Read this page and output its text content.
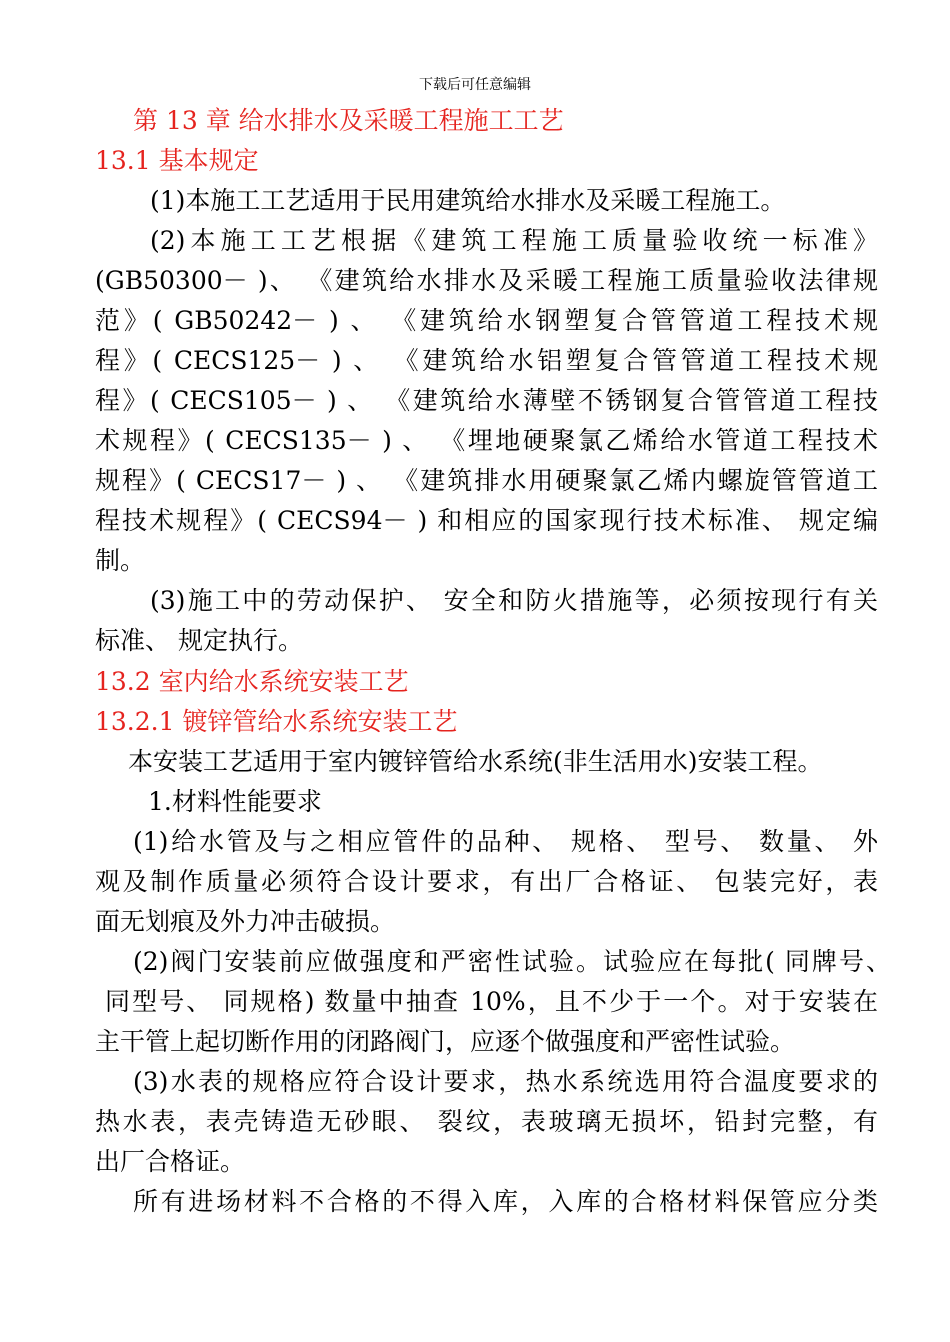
下载后可任意编辑
第 13 章 给水排水及采暖工程施工工艺
13.1 基本规定
(1)本施工工艺适用于民用建筑给水排水及采暖工程施工。
(2)本施工工艺根据《建筑工程施工质量验收统一标准》
(GB50300－ )、 《建筑给水排水及采暖工程施工质量验收法律规
范》( GB50242－ ) 、 《建筑给水钢塑复合管管道工程技术规
程》( CECS125－ ) 、 《建筑给水铝塑复合管管道工程技术规
程》( CECS105－ ) 、 《建筑给水薄壁不锈钢复合管管道工程技
术规程》( CECS135－ ) 、 《埋地硬聚氯乙烯给水管道工程技术
规程》( CECS17－ ) 、 《建筑排水用硬聚氯乙烯内螺旋管管道工
程技术规程》( CECS94－ ) 和相应的国家现行技术标准、 规定编
制。
(3)施工中的劳动保护、 安全和防火措施等，必须按现行有关
标准、 规定执行。
13.2 室内给水系统安装工艺
13.2.1 镀锌管给水系统安装工艺
本安装工艺适用于室内镀锌管给水系统(非生活用水)安装工程。
1.材料性能要求
(1)给水管及与之相应管件的品种、 规格、 型号、 数量、 外
观及制作质量必须符合设计要求，有出厂合格证、 包装完好，表
面无划痕及外力冲击破损。
(2)阀门安装前应做强度和严密性试验。试验应在每批( 同牌号、
同型号、 同规格) 数量中抽查 10%，且不少于一个。对于安装在
主干管上起切断作用的闭路阀门，应逐个做强度和严密性试验。
(3)水表的规格应符合设计要求，热水系统选用符合温度要求的
热水表，表壳铸造无砂眼、 裂纹，表玻璃无损坏，铅封完整，有
出厂合格证。
所有进场材料不合格的不得入库，入库的合格材料保管应分类
